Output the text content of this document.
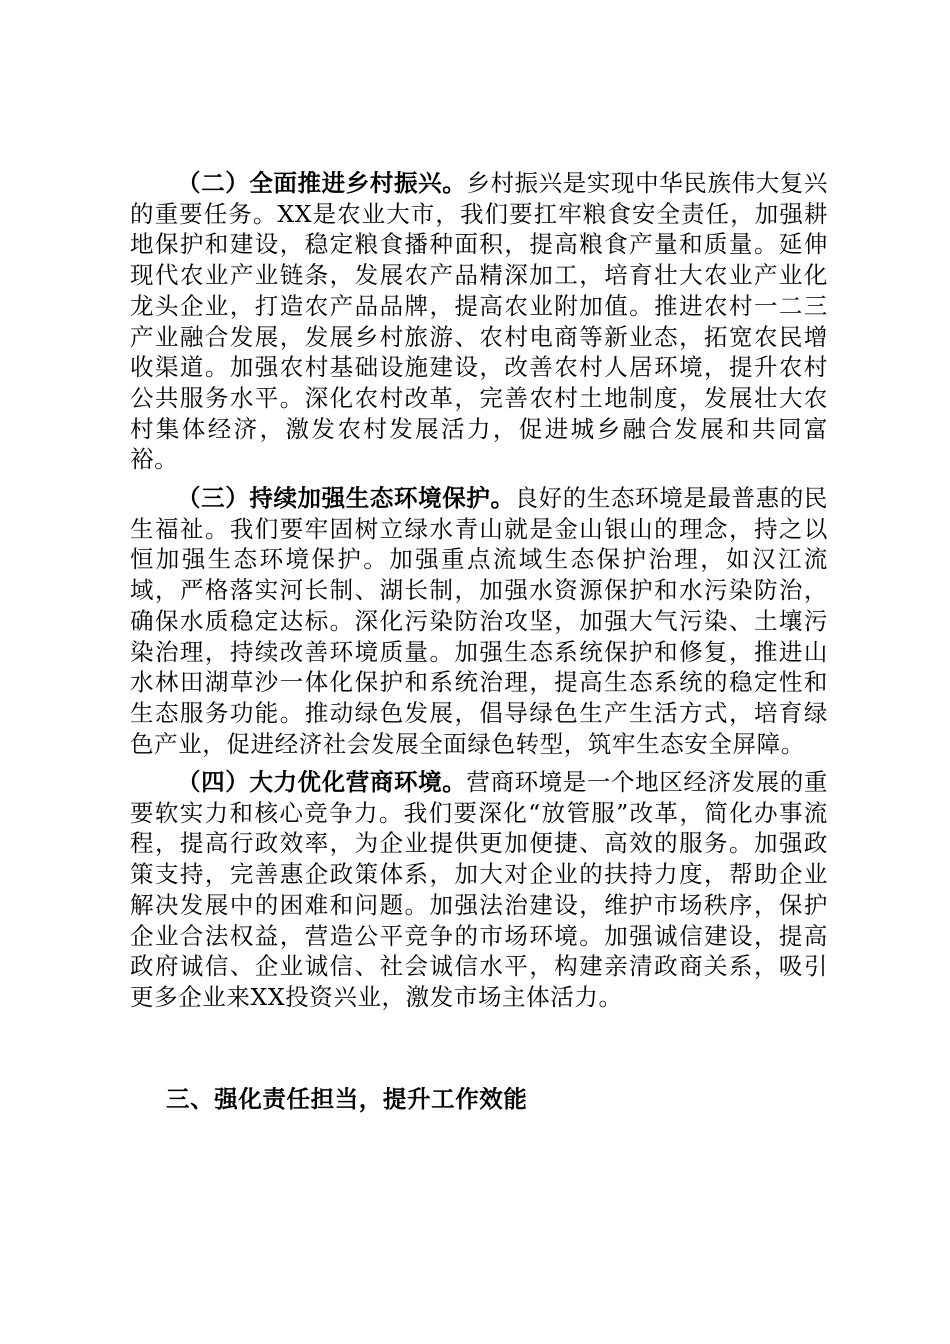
（二）全面推进乡村振兴。乡村振兴是实现中华民族伟大复兴的重要任务。XX是农业大市，我们要扛牢粮食安全责任，加强耕地保护和建设，稳定粮食播种面积，提高粮食产量和质量。延伸现代农业产业链条，发展农产品精深加工，培育壮大农业产业化龙头企业，打造农产品品牌，提高农业附加值。推进农村一二三产业融合发展，发展乡村旅游、农村电商等新业态，拓宽农民增收渠道。加强农村基础设施建设，改善农村人居环境，提升农村公共服务水平。深化农村改革，完善农村土地制度，发展壮大农村集体经济，激发农村发展活力，促进城乡融合发展和共同富裕。

（三）持续加强生态环境保护。良好的生态环境是最普惠的民生福祉。我们要牢固树立绿水青山就是金山银山的理念，持之以恒加强生态环境保护。加强重点流域生态保护治理，如汉江流域，严格落实河长制、湖长制，加强水资源保护和水污染防治，确保水质稳定达标。深化污染防治攻坚，加强大气污染、土壤污染治理，持续改善环境质量。加强生态系统保护和修复，推进山水林田湖草沙一体化保护和系统治理，提高生态系统的稳定性和生态服务功能。推动绿色发展，倡导绿色生产生活方式，培育绿色产业，促进经济社会发展全面绿色转型，筑牢生态安全屏障。

（四）大力优化营商环境。营商环境是一个地区经济发展的重要软实力和核心竞争力。我们要深化“放管服”改革，简化办事流程，提高行政效率，为企业提供更加便捷、高效的服务。加强政策支持，完善惠企政策体系，加大对企业的扶持力度，帮助企业解决发展中的困难和问题。加强法治建设，维护市场秩序，保护企业合法权益，营造公平竞争的市场环境。加强诚信建设，提高政府诚信、企业诚信、社会诚信水平，构建亲清政商关系，吸引更多企业来XX投资兴业，激发市场主体活力。

三、强化责任担当，提升工作效能
